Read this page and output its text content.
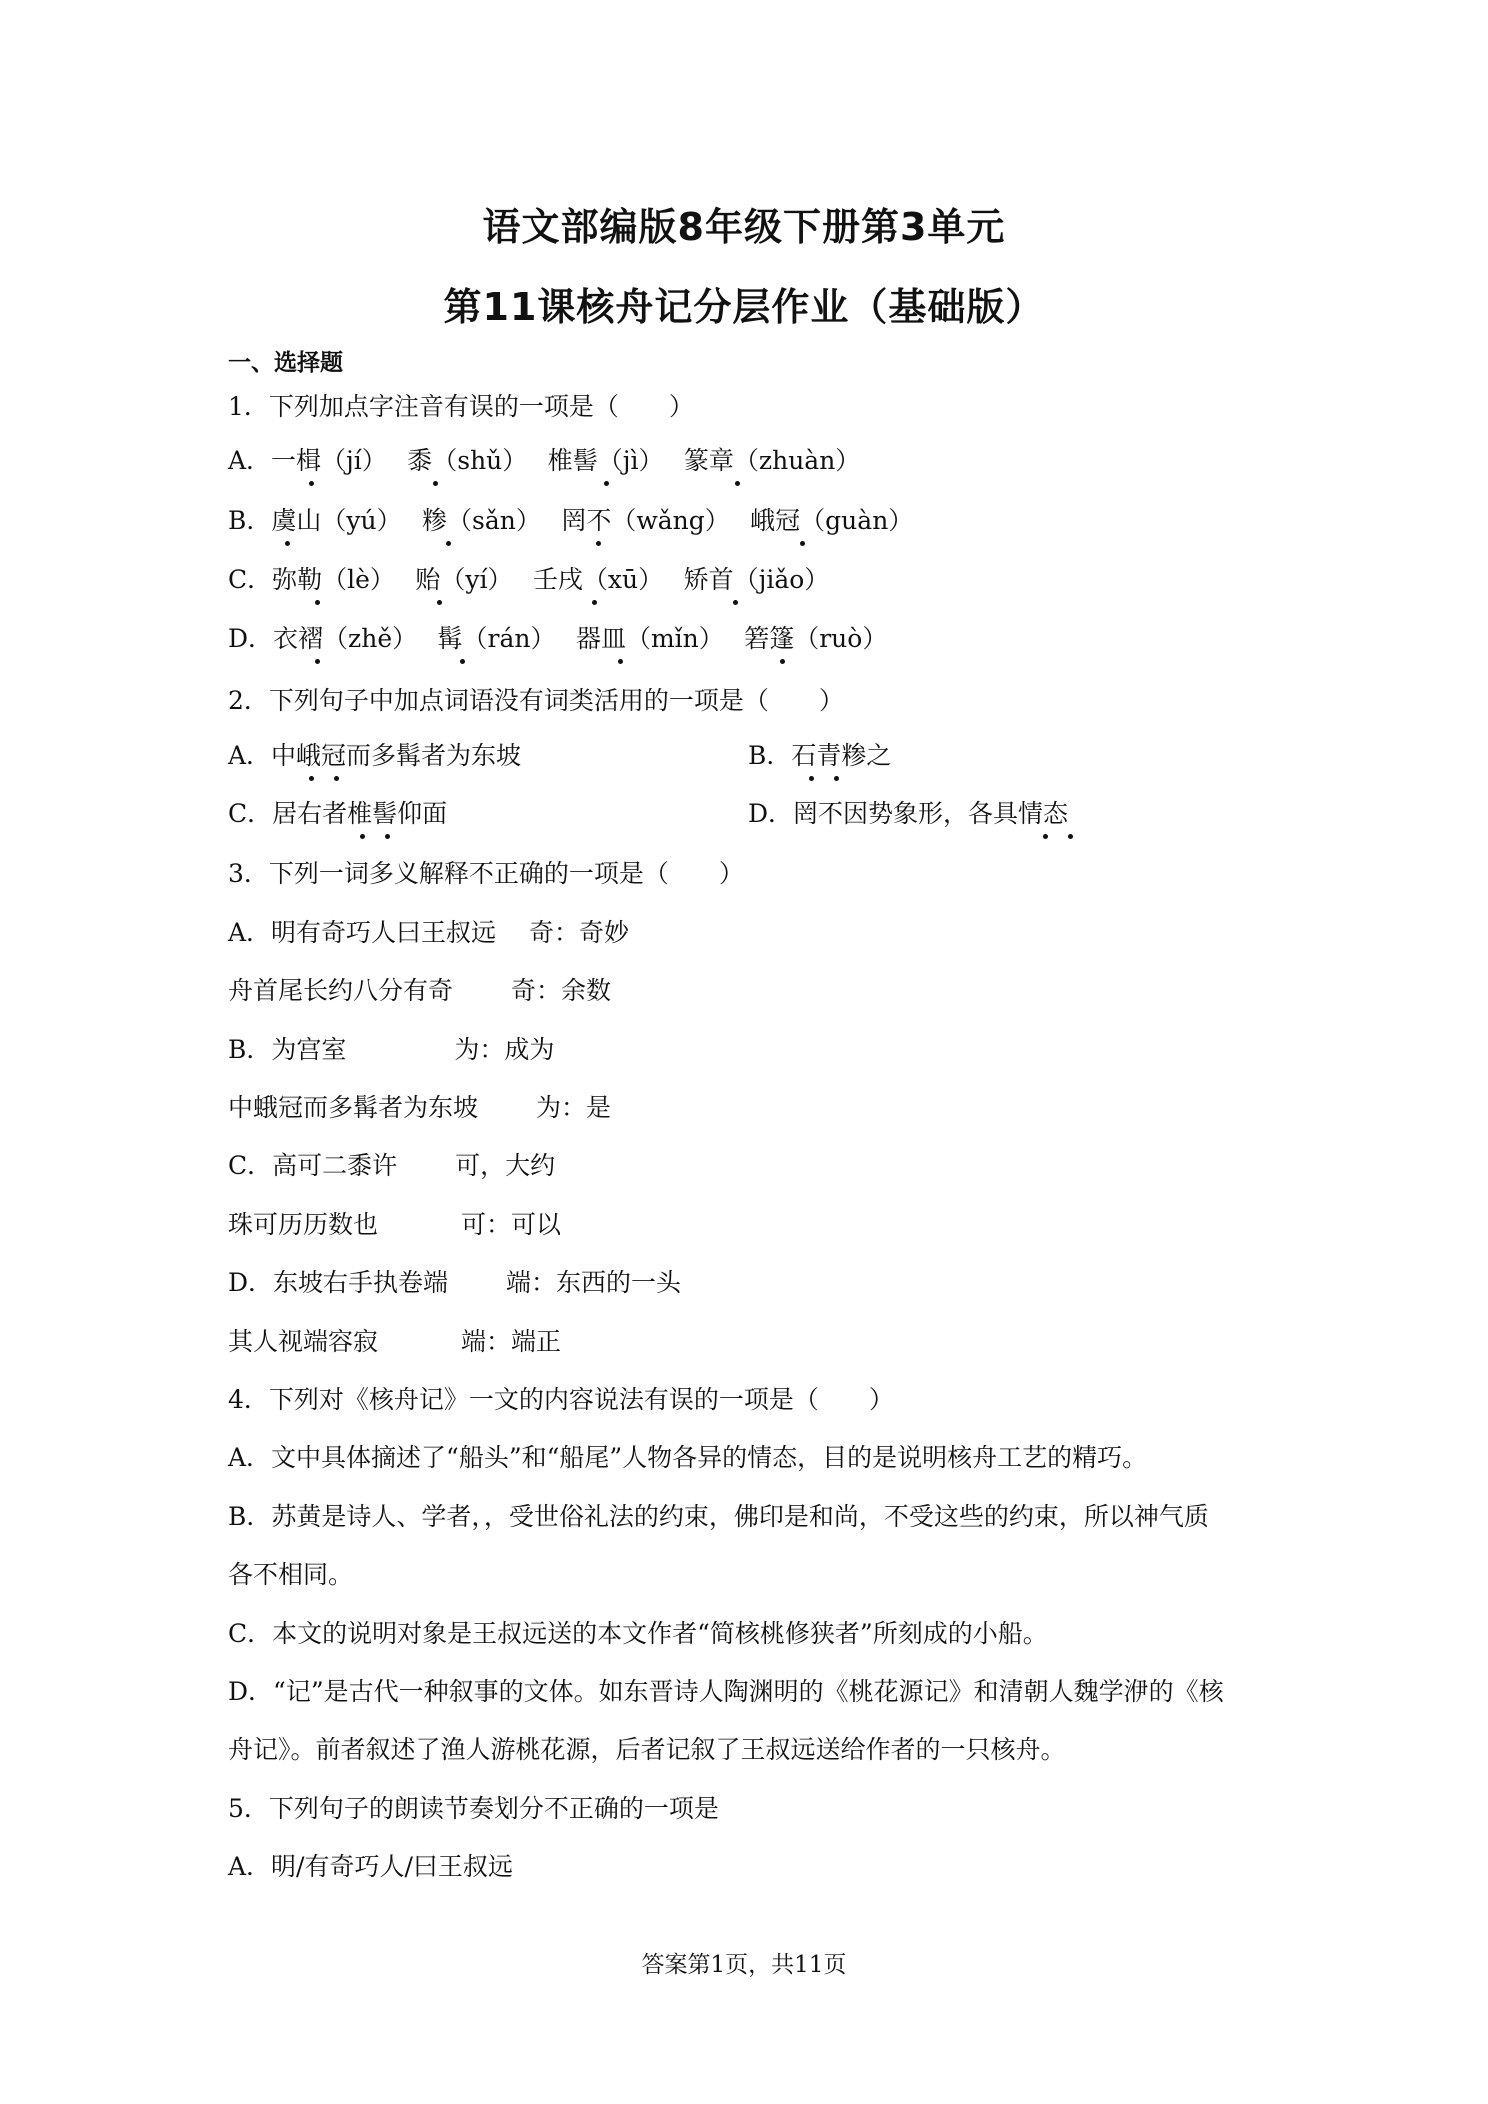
语文部编版8年级下册第3单元
第11课核舟记分层作业（基础版）
一、选择题
1．下列加点字注音有误的一项是（　　）
A．一楫（jí）　 黍（shǔ）　 椎髻（jì）　 篆章（zhuàn）
B．虞山（yú）　 糁（sǎn）　 罔不（wǎng）　 峨冠（guàn）
C．弥勒（lè）　 贻（yí）　 壬戌（xū）　 矫首（jiǎo）
D．衣褶（zhě）　 髯（rán）　 器皿（mǐn）　 箬篷（ruò）
2．下列句子中加点词语没有词类活用的一项是（　　）
A．中峨冠而多髯者为东坡	B．石青糁之
C．居右者椎髻仰面	D．罔不因势象形，各具情态
3．下列一词多义解释不正确的一项是（　　）
A．明有奇巧人曰王叔远　 奇：奇妙
舟首尾长约八分有奇　　 奇：余数
B．为宫室　　　　 为：成为
中蛾冠而多髯者为东坡　　 为：是
C．高可二黍许　　 可，大约
珠可历历数也　　　 可：可以
D．东坡右手执卷端　　 端：东西的一头
其人视端容寂　　　 端：端正
4．下列对《核舟记》一文的内容说法有误的一项是（　　）
A．文中具体摘述了“船头”和“船尾”人物各异的情态，目的是说明核舟工艺的精巧。
B．苏黄是诗人、学者，，受世俗礼法的约束，佛印是和尚，不受这些的约束，所以神气质
各不相同。
C．本文的说明对象是王叔远送的本文作者“简核桃修狭者”所刻成的小船。
D．“记”是古代一种叙事的文体。如东晋诗人陶渊明的《桃花源记》和清朝人魏学洢的《核
舟记》。前者叙述了渔人游桃花源，后者记叙了王叔远送给作者的一只核舟。
5．下列句子的朗读节奏划分不正确的一项是
A．明/有奇巧人/曰王叔远
答案第1页，共11页
